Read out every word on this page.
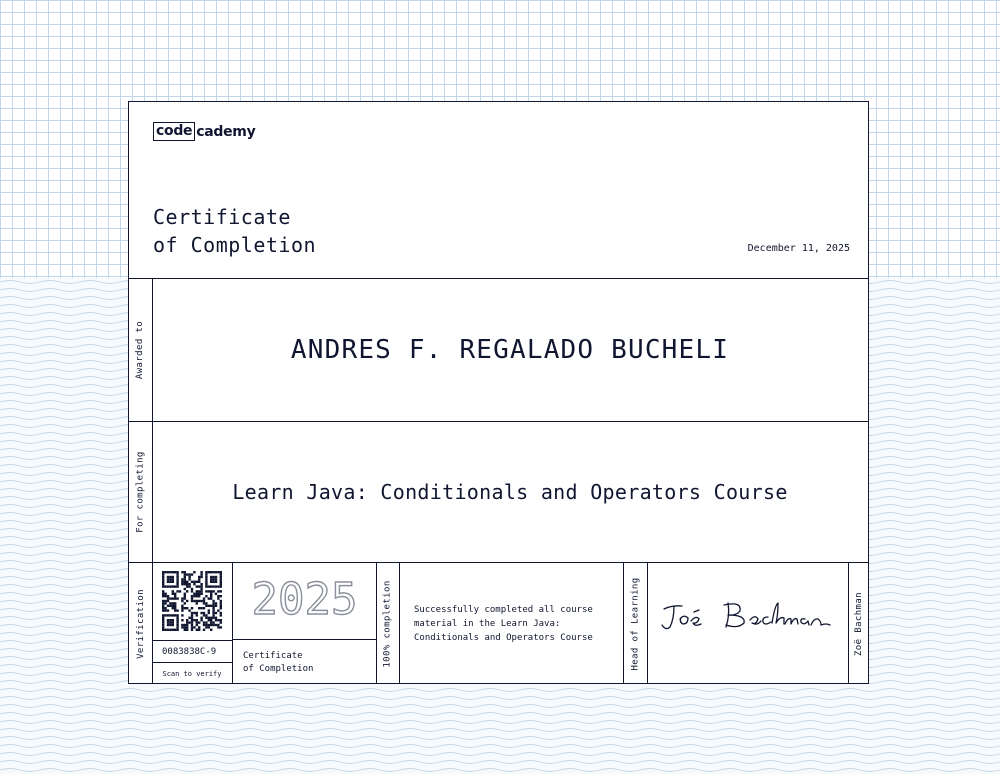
code cademy
Certificate
of Completion	December 11, 2025
Awarded to	ANDRES F. REGALADO BUCHELI
For completing	Learn Java: Conditionals and Operators Course
Verification	0083838C-9
Scan to verify
2025
Certificate
of Completion
100% completion	Successfully completed all course
material in the Learn Java:
Conditionals and Operators Course	Head of Learning	Zoë Bachman
